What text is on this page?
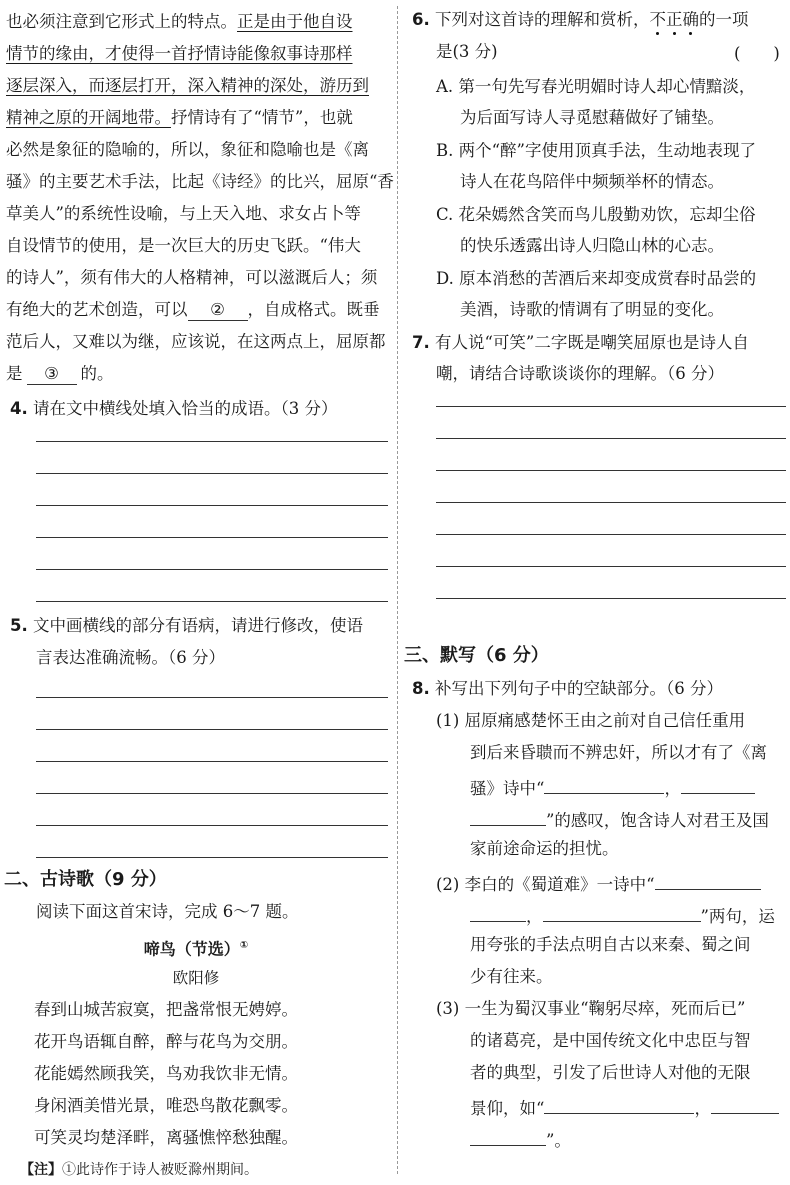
也必须注意到它形式上的特点。正是由于他自设
情节的缘由，才使得一首抒情诗能像叙事诗那样
逐层深入，而逐层打开，深入精神的深处，游历到
精神之原的开阔地带。抒情诗有了“情节”，也就
必然是象征的隐喻的，所以，象征和隐喻也是《离
骚》的主要艺术手法，比起《诗经》的比兴，屈原“香
草美人”的系统性设喻，与上天入地、求女占卜等
自设情节的使用，是一次巨大的历史飞跃。“伟大
的诗人”，须有伟大的人格精神，可以滋溉后人；须
有绝大的艺术创造，可以 ② ，自成格式。既垂
范后人，又难以为继，应该说，在这两点上，屈原都
是 ③ 的。
4. 请在文中横线处填入恰当的成语。（3 分）
5. 文中画横线的部分有语病，请进行修改，使语
言表达准确流畅。（6 分）
二、古诗歌（9 分）
阅读下面这首宋诗，完成 6～7 题。
啼鸟（节选）①
欧阳修
春到山城苦寂寞，把盏常恨无娉婷。
花开鸟语辄自醉，醉与花鸟为交朋。
花能嫣然顾我笑，鸟劝我饮非无情。
身闲酒美惜光景，唯恐鸟散花飘零。
可笑灵均楚泽畔，离骚憔悴愁独醒。
【注】①此诗作于诗人被贬滁州期间。
6. 下列对这首诗的理解和赏析，不
正
确
的一项
是(3 分)	(　　)
A. 第一句先写春光明媚时诗人却心情黯淡，
为后面写诗人寻觅慰藉做好了铺垫。
B. 两个“醉”字使用顶真手法，生动地表现了
诗人在花鸟陪伴中频频举杯的情态。
C. 花朵嫣然含笑而鸟儿殷勤劝饮，忘却尘俗
的快乐透露出诗人归隐山林的心志。
D. 原本消愁的苦酒后来却变成赏春时品尝的
美酒，诗歌的情调有了明显的变化。
7. 有人说“可笑”二字既是嘲笑屈原也是诗人自
嘲，请结合诗歌谈谈你的理解。（6 分）
三、默写（6 分）
8. 补写出下列句子中的空缺部分。（6 分）
(1) 屈原痛感楚怀王由之前对自己信任重用
到后来昏聩而不辨忠奸，所以才有了《离
骚》诗中“	，
”的感叹，饱含诗人对君王及国
家前途命运的担忧。
(2) 李白的《蜀道难》一诗中“
，	”两句，运
用夸张的手法点明自古以来秦、蜀之间
少有往来。
(3) 一生为蜀汉事业“鞠躬尽瘁，死而后已”
的诸葛亮，是中国传统文化中忠臣与智
者的典型，引发了后世诗人对他的无限
景仰，如“	，
”。
